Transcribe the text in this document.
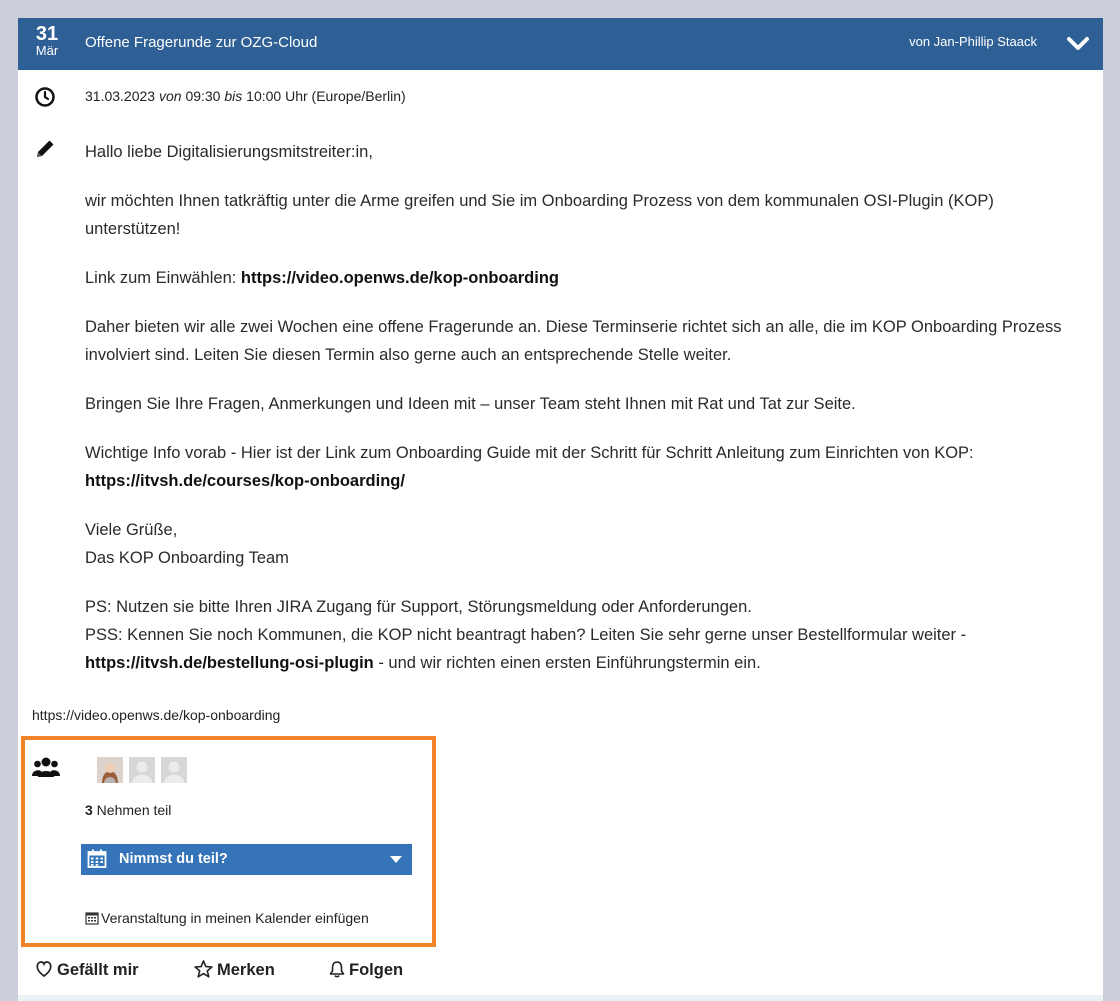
31
Mär Offene Fragerunde zur OZG-Cloud	von Jan-Phillip Staack
31.03.2023 von 09:30 bis 10:00 Uhr (Europe/Berlin)

Hallo liebe Digitalisierungsmitstreiter:in,

wir möchten Ihnen tatkräftig unter die Arme greifen und Sie im Onboarding Prozess von dem kommunalen OSI-Plugin (KOP) unterstützen!

Link zum Einwählen: https://video.openws.de/kop-onboarding

Daher bieten wir alle zwei Wochen eine offene Fragerunde an. Diese Terminserie richtet sich an alle, die im KOP Onboarding Prozess involviert sind. Leiten Sie diesen Termin also gerne auch an entsprechende Stelle weiter.

Bringen Sie Ihre Fragen, Anmerkungen und Ideen mit – unser Team steht Ihnen mit Rat und Tat zur Seite.

Wichtige Info vorab - Hier ist der Link zum Onboarding Guide mit der Schritt für Schritt Anleitung zum Einrichten von KOP: https://itvsh.de/courses/kop-onboarding/

Viele Grüße,
Das KOP Onboarding Team

PS: Nutzen sie bitte Ihren JIRA Zugang für Support, Störungsmeldung oder Anforderungen.
PSS: Kennen Sie noch Kommunen, die KOP nicht beantragt haben? Leiten Sie sehr gerne unser Bestellformular weiter - https://itvsh.de/bestellung-osi-plugin - und wir richten einen ersten Einführungstermin ein.

https://video.openws.de/kop-onboarding
3 Nehmen teil
Nimmst du teil?
Veranstaltung in meinen Kalender einfügen
Gefällt mir	Merken	Folgen
